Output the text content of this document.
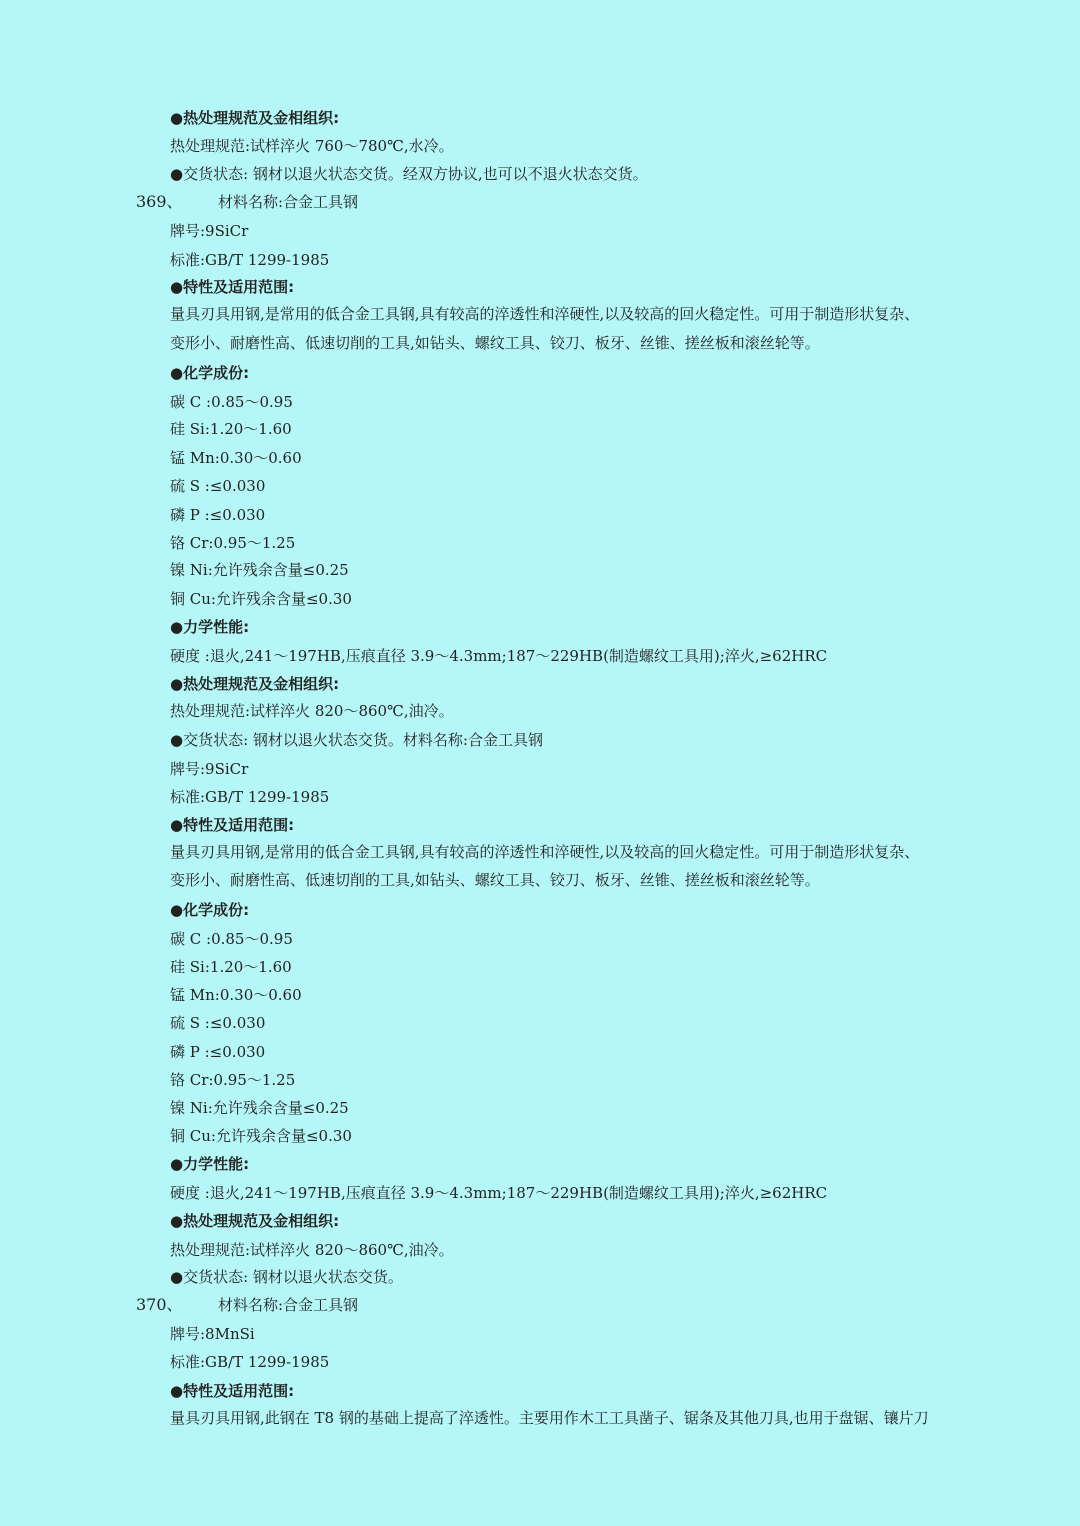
●热处理规范及金相组织:
热处理规范:试样淬火 760～780℃,水冷。
●交货状态: 钢材以退火状态交货。经双方协议,也可以不退火状态交货。
369、 材料名称:合金工具钢
牌号:9SiCr
标准:GB/T 1299-1985
●特性及适用范围:
量具刃具用钢,是常用的低合金工具钢,具有较高的淬透性和淬硬性,以及较高的回火稳定性。可用于制造形状复杂、
变形小、耐磨性高、低速切削的工具,如钻头、螺纹工具、铰刀、板牙、丝锥、搓丝板和滚丝轮等。
●化学成份:
碳 C :0.85～0.95
硅 Si:1.20～1.60
锰 Mn:0.30～0.60
硫 S :≤0.030
磷 P :≤0.030
铬 Cr:0.95～1.25
镍 Ni:允许残余含量≤0.25
铜 Cu:允许残余含量≤0.30
●力学性能:
硬度 :退火,241～197HB,压痕直径 3.9～4.3mm;187～229HB(制造螺纹工具用);淬火,≥62HRC
●热处理规范及金相组织:
热处理规范:试样淬火 820～860℃,油冷。
●交货状态: 钢材以退火状态交货。材料名称:合金工具钢
牌号:9SiCr
标准:GB/T 1299-1985
●特性及适用范围:
量具刃具用钢,是常用的低合金工具钢,具有较高的淬透性和淬硬性,以及较高的回火稳定性。可用于制造形状复杂、
变形小、耐磨性高、低速切削的工具,如钻头、螺纹工具、铰刀、板牙、丝锥、搓丝板和滚丝轮等。
●化学成份:
碳 C :0.85～0.95
硅 Si:1.20～1.60
锰 Mn:0.30～0.60
硫 S :≤0.030
磷 P :≤0.030
铬 Cr:0.95～1.25
镍 Ni:允许残余含量≤0.25
铜 Cu:允许残余含量≤0.30
●力学性能:
硬度 :退火,241～197HB,压痕直径 3.9～4.3mm;187～229HB(制造螺纹工具用);淬火,≥62HRC
●热处理规范及金相组织:
热处理规范:试样淬火 820～860℃,油冷。
●交货状态: 钢材以退火状态交货。
370、 材料名称:合金工具钢
牌号:8MnSi
标准:GB/T 1299-1985
●特性及适用范围:
量具刃具用钢,此钢在 T8 钢的基础上提高了淬透性。主要用作木工工具凿子、锯条及其他刀具,也用于盘锯、镶片刀
